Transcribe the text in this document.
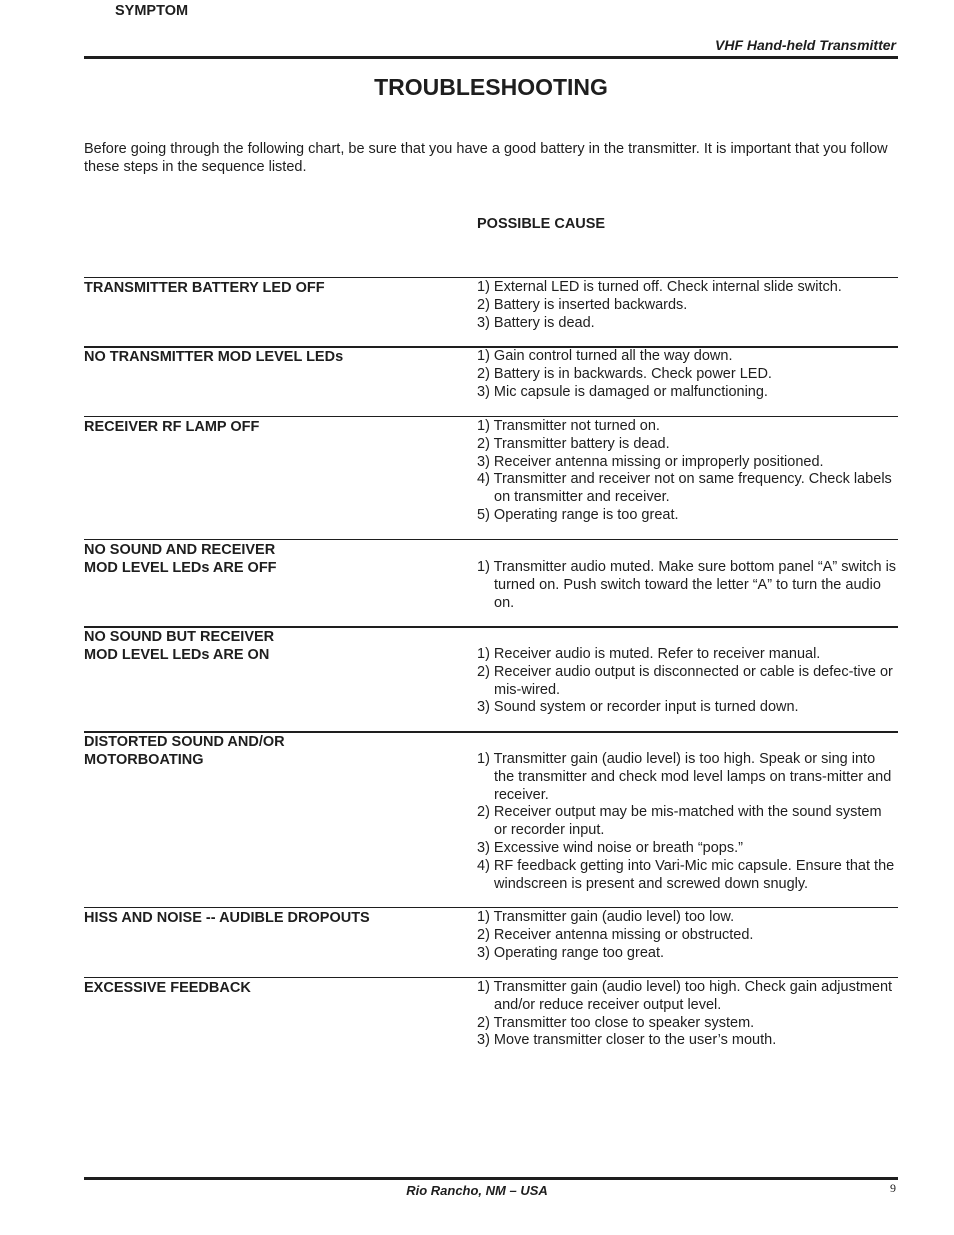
VHF Hand-held Transmitter
TROUBLESHOOTING
Before going through the following chart, be sure that you have a good battery in the transmitter. It is important that you follow these steps in the sequence listed.
SYMPTOM
POSSIBLE CAUSE
TRANSMITTER BATTERY LED OFF	1) External LED is turned off. Check internal slide switch.
2) Battery is inserted backwards.
3) Battery is dead.
NO TRANSMITTER MOD LEVEL LEDs	1) Gain control turned all the way down.
2) Battery is in backwards. Check power LED.
3) Mic capsule is damaged or malfunctioning.
RECEIVER RF LAMP OFF	1) Transmitter not turned on.
2) Transmitter battery is dead.
3) Receiver antenna missing or improperly positioned.
4) Transmitter and receiver not on same frequency. Check labels on transmitter and receiver.
5) Operating range is too great.
NO SOUND AND RECEIVER
MOD LEVEL LEDs ARE OFF	1) Transmitter audio muted. Make sure bottom panel “A” switch is turned on. Push switch toward the letter “A” to turn the audio on.
NO SOUND BUT RECEIVER
MOD LEVEL LEDs ARE ON	1) Receiver audio is muted. Refer to receiver manual.
2) Receiver audio output is disconnected or cable is defec-tive or mis-wired.
3) Sound system or recorder input is turned down.
DISTORTED SOUND AND/OR
MOTORBOATING	1) Transmitter gain (audio level) is too high. Speak or sing into the transmitter and check mod level lamps on trans-mitter and receiver.
2) Receiver output may be mis-matched with the sound system or recorder input.
3) Excessive wind noise or breath “pops.”
4) RF feedback getting into Vari-Mic mic capsule. Ensure that the windscreen is present and screwed down snugly.
HISS AND NOISE -- AUDIBLE DROPOUTS	1) Transmitter gain (audio level) too low.
2) Receiver antenna missing or obstructed.
3) Operating range too great.
EXCESSIVE FEEDBACK	1) Transmitter gain (audio level) too high. Check gain adjustment and/or reduce receiver output level.
2) Transmitter too close to speaker system.
3) Move transmitter closer to the user’s mouth.
Rio Rancho, NM – USA	9
